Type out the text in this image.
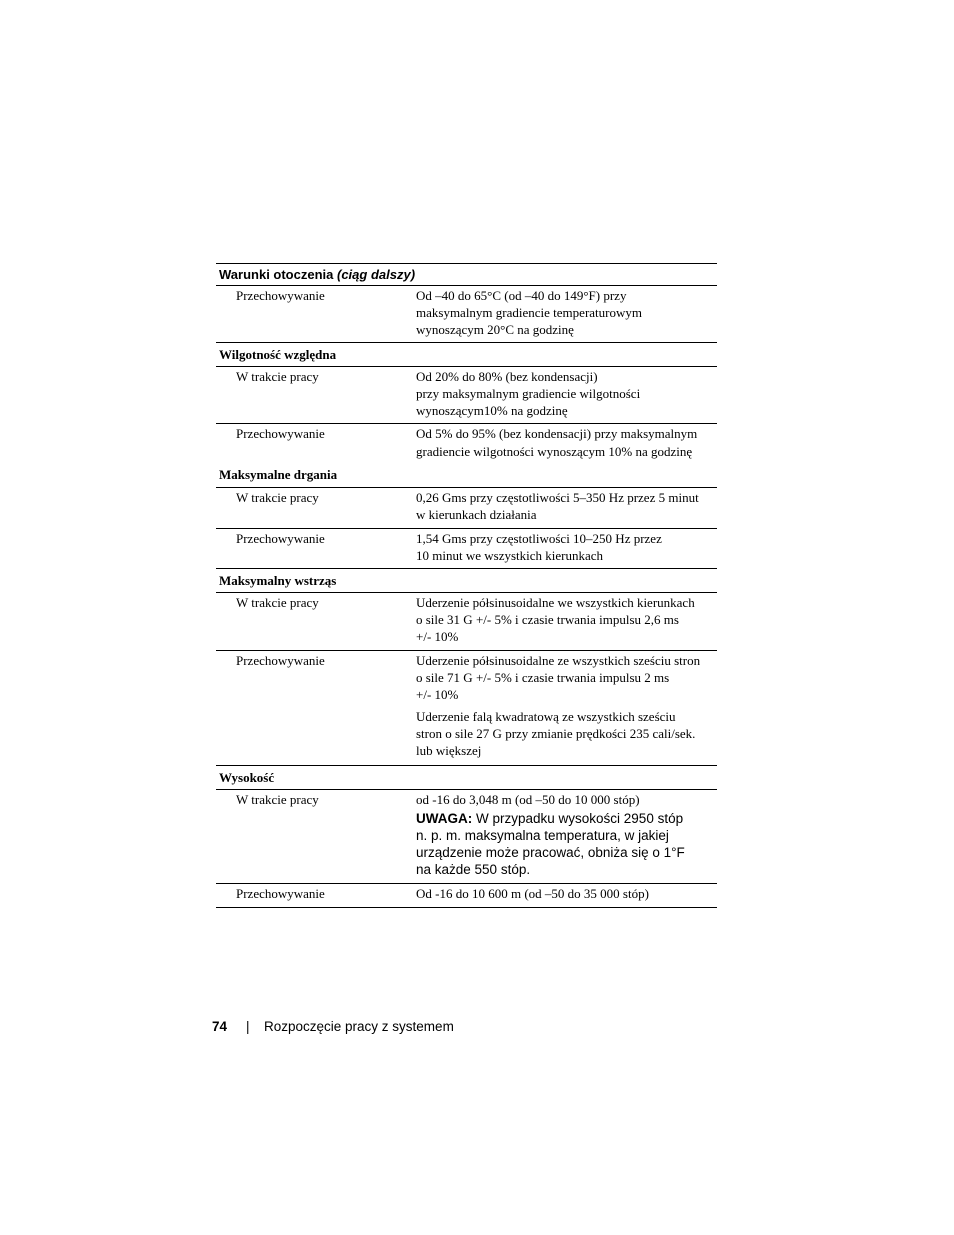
Warunki otoczenia (ciąg dalszy)
Przechowywanie	Od –40 do 65°C (od –40 do 149°F) przy

maksymalnym gradiencie temperaturowym

wynoszącym 20°C na godzinę

Wilgotność względna
W trakcie pracy	Od 20% do 80% (bez kondensacji)

przy maksymalnym gradiencie wilgotności

wynoszącym10% na godzinę

Przechowywanie	Od 5% do 95% (bez kondensacji) przy maksymalnym

gradiencie wilgotności wynoszącym 10% na godzinę

Maksymalne drgania
W trakcie pracy	0,26 Gms przy częstotliwości 5–350 Hz przez 5 minut

w kierunkach działania

Przechowywanie	1,54 Gms przy częstotliwości 10–250 Hz przez

10 minut we wszystkich kierunkach

Maksymalny wstrząs
W trakcie pracy	Uderzenie półsinusoidalne we wszystkich kierunkach

o sile 31 G +/- 5% i czasie trwania impulsu 2,6 ms

+/- 10%

Przechowywanie	Uderzenie półsinusoidalne ze wszystkich sześciu stron

o sile 71 G +/- 5% i czasie trwania impulsu 2 ms

+/- 10%

Uderzenie falą kwadratową ze wszystkich sześciu

stron o sile 27 G przy zmianie prędkości 235 cali/sek.

lub większej

Wysokość
W trakcie pracy	od -16 do 3,048 m (od –50 do 10 000 stóp)

UWAGA: W przypadku wysokości 2950 stóp
n. p. m. maksymalna temperatura, w jakiej
urządzenie może pracować, obniża się o 1°F
na każde 550 stóp.
Przechowywanie	Od -16 do 10 600 m (od –50 do 35 000 stóp)
74	|	Rozpoczęcie pracy z systemem
